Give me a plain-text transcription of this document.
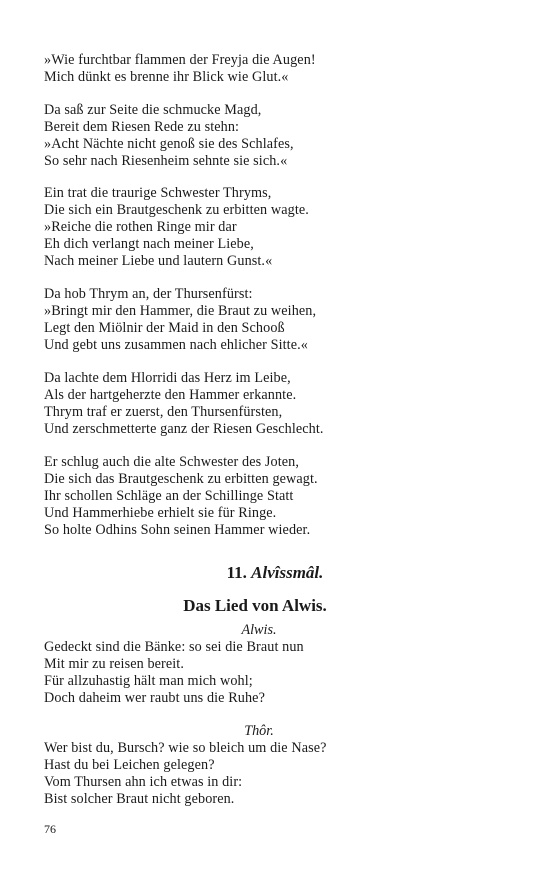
»Wie furchtbar flammen der Freyja die Augen!
Mich dünkt es brenne ihr Blick wie Glut.«
Da saß zur Seite die schmucke Magd,
Bereit dem Riesen Rede zu stehn:
»Acht Nächte nicht genoß sie des Schlafes,
So sehr nach Riesenheim sehnte sie sich.«
Ein trat die traurige Schwester Thryms,
Die sich ein Brautgeschenk zu erbitten wagte.
»Reiche die rothen Ringe mir dar
Eh dich verlangt nach meiner Liebe,
Nach meiner Liebe und lautern Gunst.«
Da hob Thrym an, der Thursenfürst:
»Bringt mir den Hammer, die Braut zu weihen,
Legt den Miölnir der Maid in den Schooß
Und gebt uns zusammen nach ehlicher Sitte.«
Da lachte dem Hlorridi das Herz im Leibe,
Als der hartgeherzte den Hammer erkannte.
Thrym traf er zuerst, den Thursenfürsten,
Und zerschmetterte ganz der Riesen Geschlecht.
Er schlug auch die alte Schwester des Joten,
Die sich das Brautgeschenk zu erbitten gewagt.
Ihr schollen Schläge an der Schillinge Statt
Und Hammerhiebe erhielt sie für Ringe.
So holte Odhins Sohn seinen Hammer wieder.
11. Alvîssmâl.
Das Lied von Alwis.
Alwis.
Gedeckt sind die Bänke: so sei die Braut nun
Mit mir zu reisen bereit.
Für allzuhastig hält man mich wohl;
Doch daheim wer raubt uns die Ruhe?
Thôr.
Wer bist du, Bursch? wie so bleich um die Nase?
Hast du bei Leichen gelegen?
Vom Thursen ahn ich etwas in dir:
Bist solcher Braut nicht geboren.
76
